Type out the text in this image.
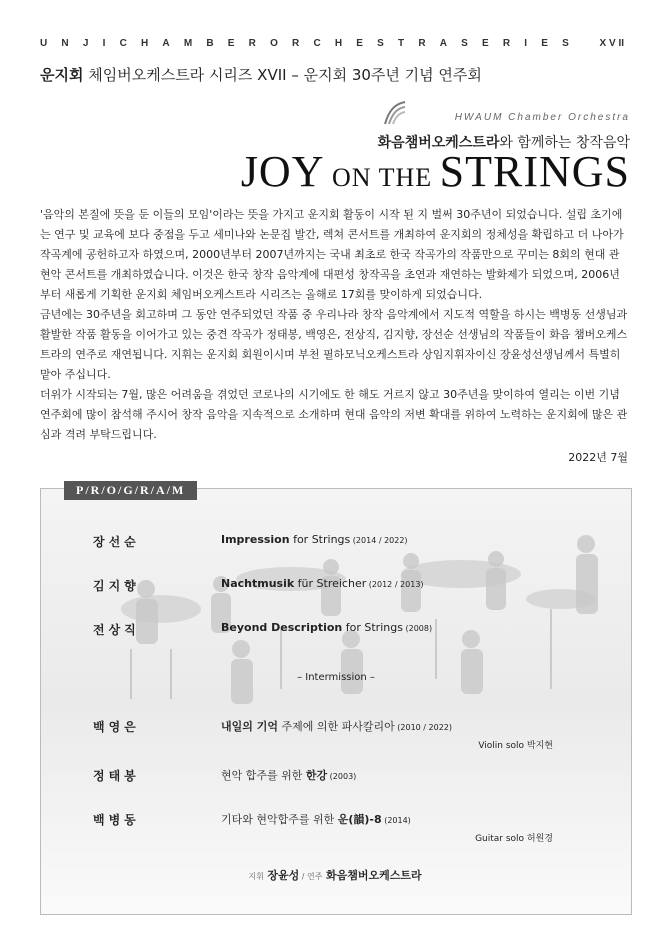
U N J I C H A M B E R O R C H E S T R A S E R I E S	X V II
운지회 체임버오케스트라 시리즈 XVII – 운지회 30주년 기념 연주회
HWAUM Chamber Orchestra
화음챔버오케스트라와 함께하는 창작음악
JOY ON THE STRINGS

'음악의 본질에 뜻을 둔 이들의 모임'이라는 뜻을 가지고 운지회 활동이 시작 된 지 벌써 30주년이 되었습니다. 설립 초기에는 연구 및 교육에 보다 중점을 두고 세미나와 논문집 발간, 렉쳐 콘서트를 개최하여 운지회의 정체성을 확립하고 더 나아가 작곡계에 공헌하고자 하였으며, 2000년부터 2007년까지는 국내 최초로 한국 작곡가의 작품만으로 꾸미는 8회의 현대 관현악 콘서트를 개최하였습니다. 이것은 한국 창작 음악계에 대편성 창작곡을 초연과 재연하는 발화제가 되었으며, 2006년부터 새롭게 기획한 운지회 체임버오케스트라 시리즈는 올해로 17회를 맞이하게 되었습니다.

금년에는 30주년을 회고하며 그 동안 연주되었던 작품 중 우리나라 창작 음악계에서 지도적 역할을 하시는 백병동 선생님과 활발한 작품 활동을 이어가고 있는 중견 작곡가 정태봉, 백영은, 전상직, 김지향, 장선순 선생님의 작품들이 화음 챔버오케스트라의 연주로 재연됩니다. 지휘는 운지회 회원이시며 부천 필하모닉오케스트라 상임지휘자이신 장윤성선생님께서 특별히 맡아 주십니다.

더위가 시작되는 7월, 많은 어려움을 겪었던 코로나의 시기에도 한 해도 거르지 않고 30주년을 맞이하여 열리는 이번 기념 연주회에 많이 참석해 주시어 창작 음악을 지속적으로 소개하며 현대 음악의 저변 확대를 위하여 노력하는 운지회에 많은 관심과 격려 부탁드립니다.

2022년 7월
P/R/O/G/R/A/M
장선순	Impression for Strings (2014 / 2022)
김지향	Nachtmusik für Streicher (2012 / 2013)
전상직	Beyond Description for Strings (2008)
– Intermission –
백영은	내일의 기억 주제에 의한 파사칼리아 (2010 / 2022)
Violin solo 박지현
정태봉	현악 합주를 위한 한강 (2003)
백병동	기타와 현악합주를 위한 운(韻)-8 (2014)
Guitar solo 허원경
지휘 장윤성 / 연주 화음챔버오케스트라
